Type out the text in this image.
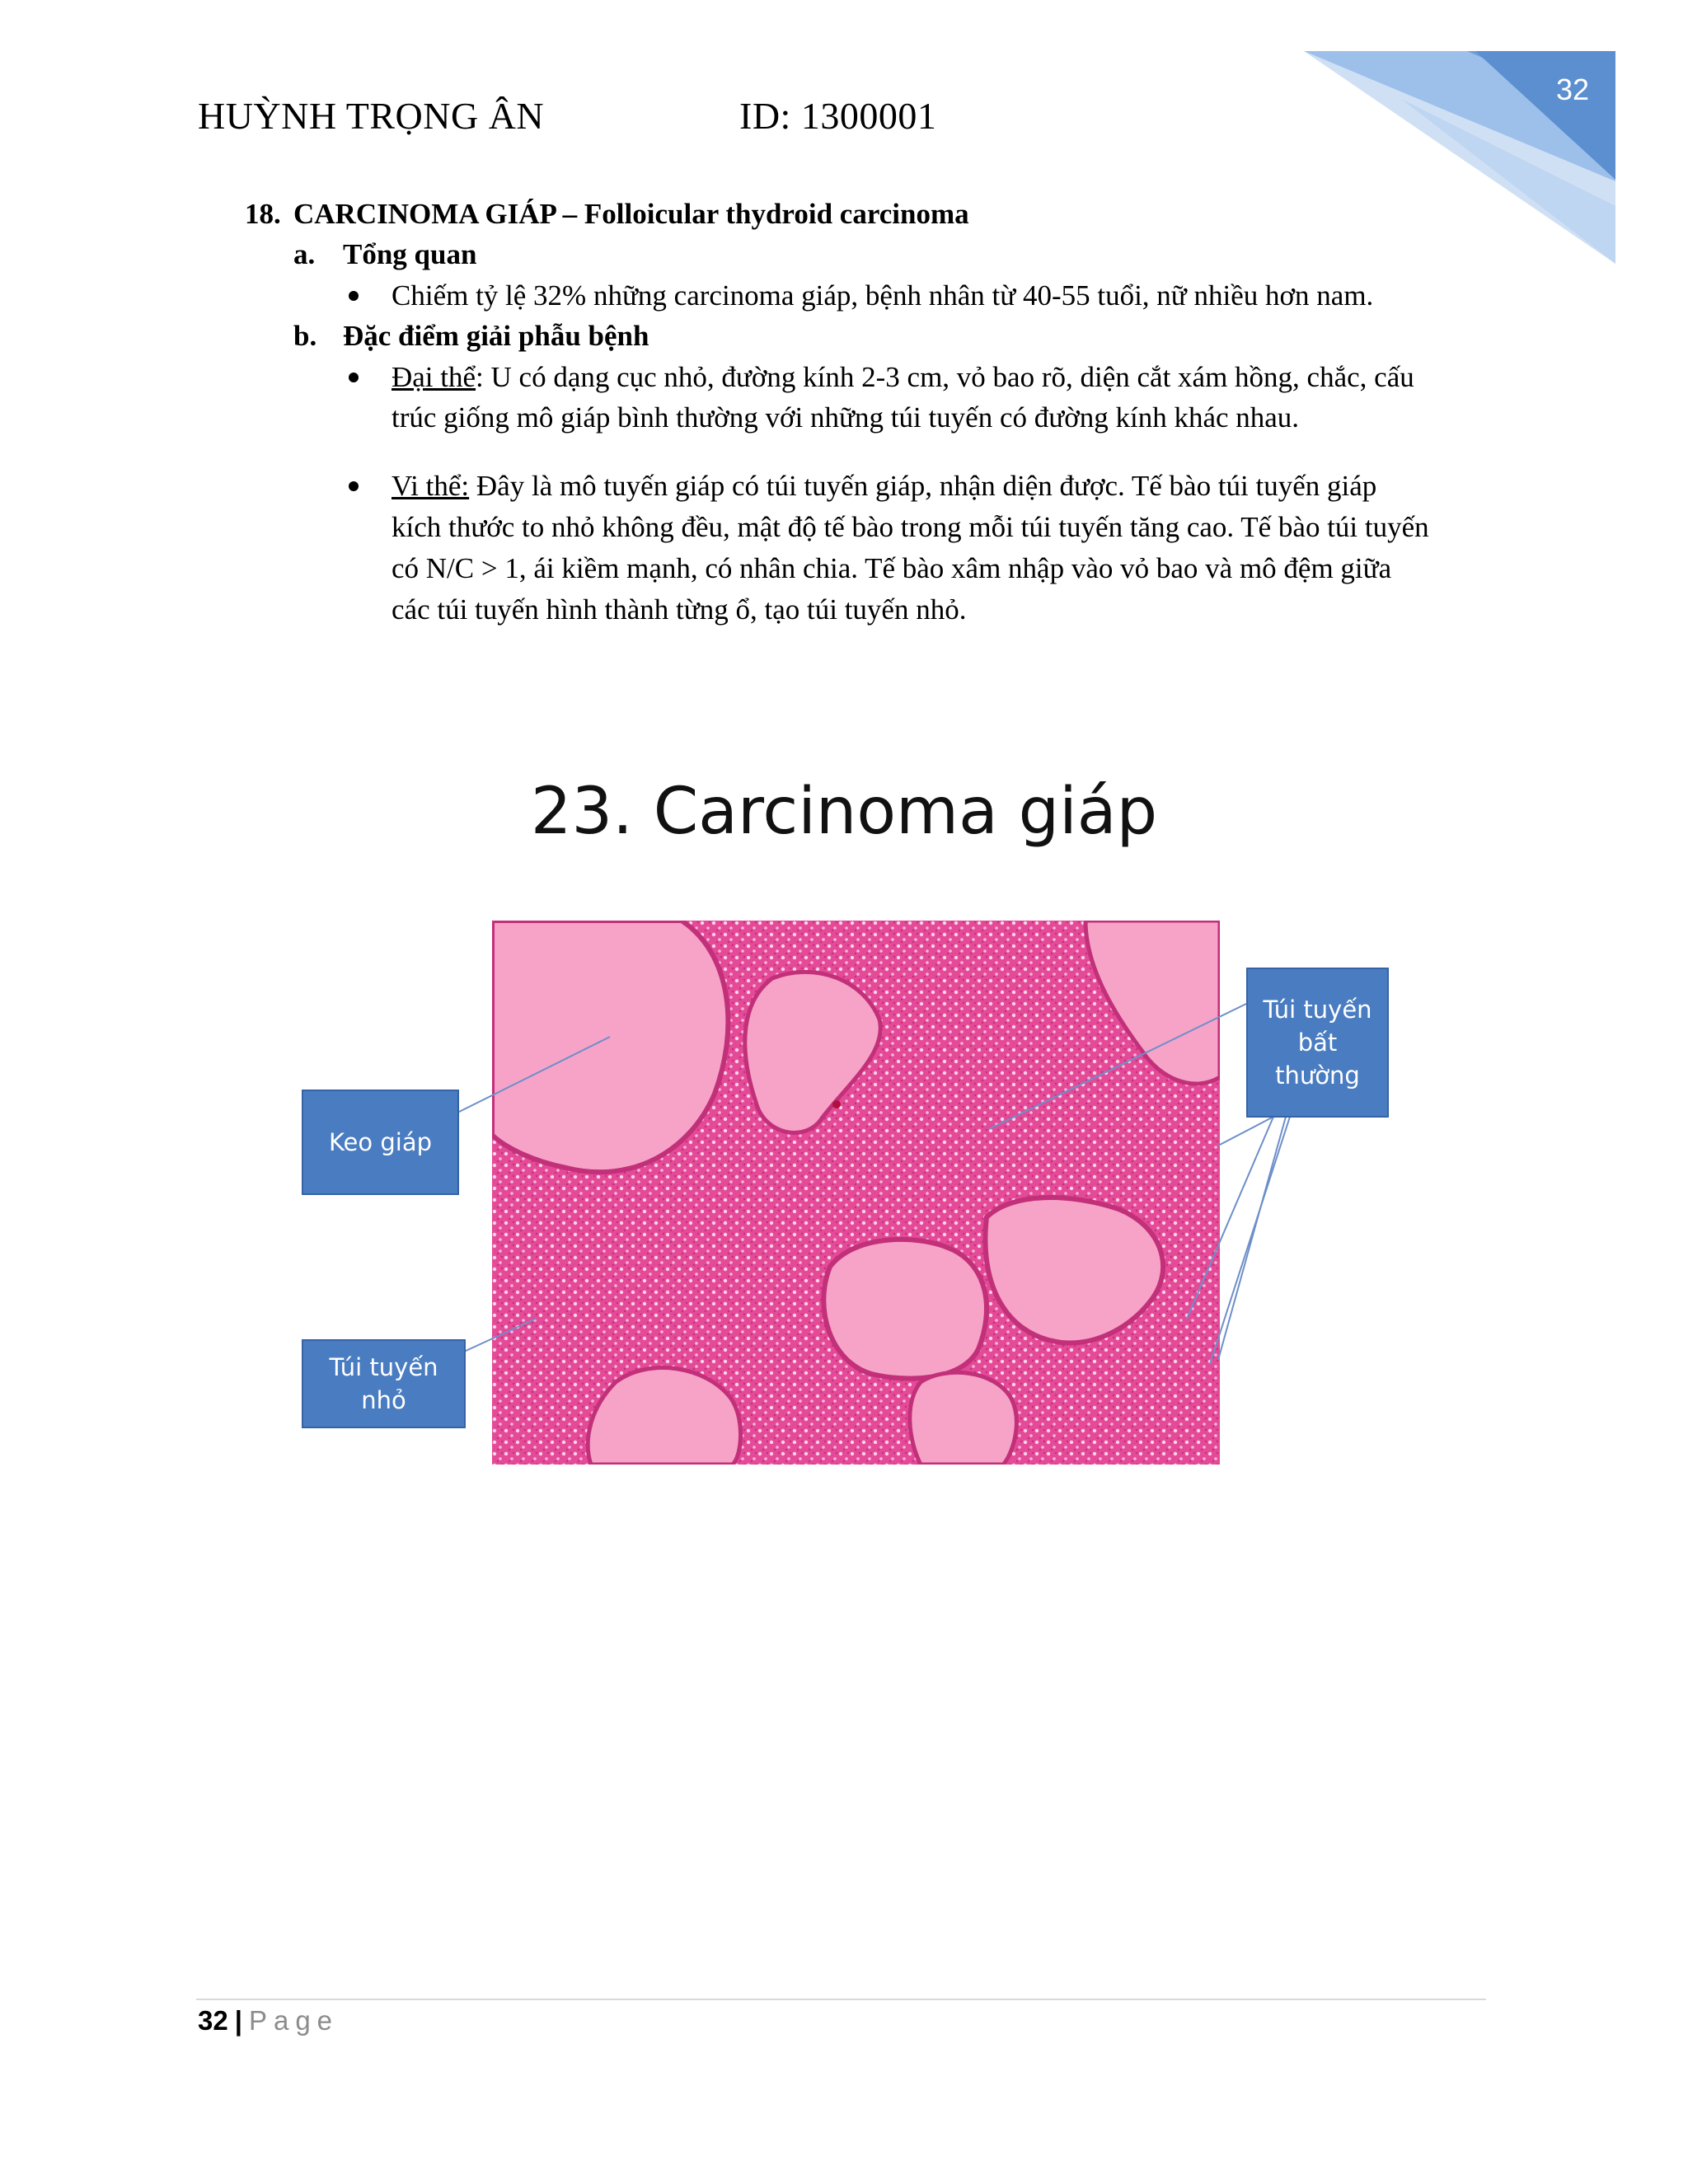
32
HUỲNH TRỌNG ÂN	ID: 1300001
18. CARCINOMA GIÁP – Folloicular thydroid carcinoma
a. Tổng quan
Chiếm tỷ lệ 32% những carcinoma giáp, bệnh nhân từ 40-55 tuổi, nữ nhiều hơn nam.
b. Đặc điểm giải phẫu bệnh
Đại thể: U có dạng cục nhỏ, đường kính 2-3 cm, vỏ bao rõ, diện cắt xám hồng, chắc, cấu
trúc giống mô giáp bình thường với những túi tuyến có đường kính khác nhau.
Vi thể: Đây là mô tuyến giáp có túi tuyến giáp, nhận diện được. Tế bào túi tuyến giáp
kích thước to nhỏ không đều, mật độ tế bào trong mỗi túi tuyến tăng cao. Tế bào túi tuyến
có N/C > 1, ái kiềm mạnh, có nhân chia. Tế bào xâm nhập vào vỏ bao và mô đệm giữa
các túi tuyến hình thành từng ổ, tạo túi tuyến nhỏ.
23. Carcinoma giáp
Keo giáp
Túi tuyến
nhỏ
Túi tuyến
bất
thường
32 | Page
